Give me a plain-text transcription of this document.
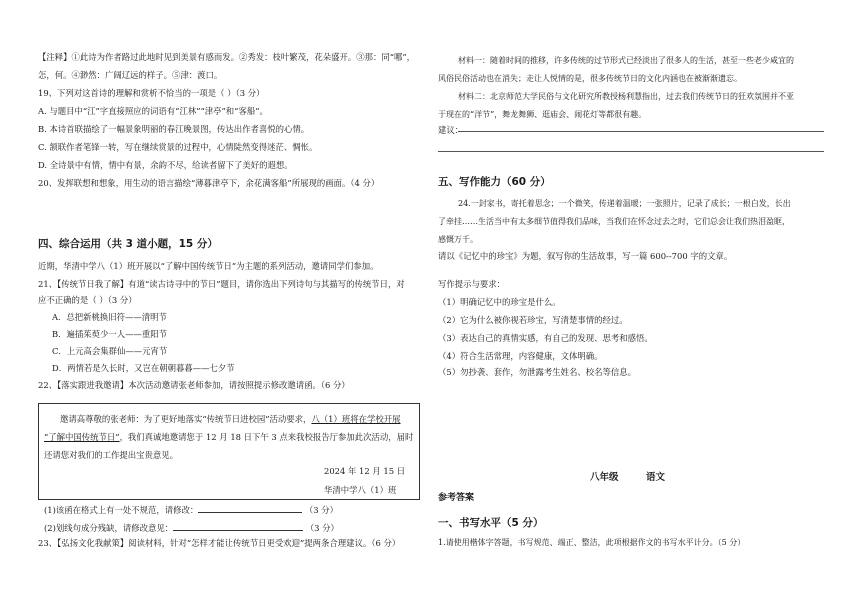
【注释】①此诗为作者路过此地时见到美景有感而发。②秀发：枝叶繁茂，花朵盛开。③那：同“哪”，
怎，何。④渺然：广阔辽远的样子。⑤津：渡口。
19、下列对这首诗的理解和赏析不恰当的一项是（ ）（3 分）
A. 与题目中“江”字直接照应的词语有“江林”“津亭”和“客船”。
B. 本诗首联描绘了一幅景象明丽的春江晚景图，传达出作者喜悦的心情。
C. 颔联作者笔锋一转，写在继续赏景的过程中，心情陡然变得迷茫、惆怅。
D. 全诗景中有情，情中有景，余韵不尽，给读者留下了美好的遐想。
20、发挥联想和想象，用生动的语言描绘“薄暮津亭下，余花满客船”所展现的画面。（4 分）
四、综合运用（共 3 道小题，15 分）
近期，华清中学八（1）班开展以“了解中国传统节日”为主题的系列活动，邀请同学们参加。
21、【传统节日我了解】有道“读古诗寻中的节日”题目，请你选出下列诗句与其描写的传统节日，对
应不正确的是（ ）（3 分）
A．总把新桃换旧符——清明节
B．遍插茱萸少一人——重阳节
C．上元高会集群仙——元宵节
D．两情若是久长时，又岂在朝朝暮暮——七夕节
22、【落实跟进我邀请】本次活动邀请张老师参加，请按照提示修改邀请函。（6 分）
邀请高尊敬的张老师：为了更好地落实“传统节日进校园”活动要求，八（1）班将在学校开展
“了解中国传统节日”，我们真诚地邀请您于 12 月 18 日下午 3 点来我校报告厅参加此次活动，届时
还请您对我们的工作提出宝贵意见。
2024 年 12 月 15 日
华清中学八（1）班
(1)该函在格式上有一处不规范，请修改：	（3 分）
(2)划线句成分残缺，请修改意见：	（3 分）
23、【弘扬文化我献策】阅读材料，针对“怎样才能让传统节日更受欢迎”提两条合理建议。（6 分）
材料一：随着时间的推移，许多传统的过节形式已经淡出了很多人的生活，甚至一些老少咸宜的
风俗民俗活动也在消失；走让人悦情的是，很多传统节日的文化内涵也在被渐渐遗忘。
材料二：北京师范大学民俗与文化研究所教授杨利慧指出，过去我们传统节日的狂欢氛围并不亚
于现在的“洋节”，舞龙舞狮、逛庙会、闹花灯等都很有趣。
建议：
五、写作能力（60 分）
24.一封家书，寄托着思念；一个微笑，传递着温暖；一张照片，记录了成长；一根白发，长出
了牵挂……生活当中有太多细节值得我们品味，当我们在怀念过去之时，它们总会让我们热泪盈眶，
感慨万千。
请以《记忆中的珍宝》为题，叙写你的生活故事，写一篇 600--700 字的文章。
写作提示与要求：
（1）明确记忆中的珍宝是什么。
（2）它为什么被你视若珍宝，写清楚事情的经过。
（3）表达自己的真情实感，有自己的发现、思考和感悟。
（4）符合生活常理，内容健康，文体明确。
（5）勿抄袭、套作，勿泄露考生姓名、校名等信息。
八年级	语文
参考答案
一、书写水平（5 分）
1.请使用楷体字答题，书写规范、端正、整洁，此项根据作文的书写水平计分。（5 分）
